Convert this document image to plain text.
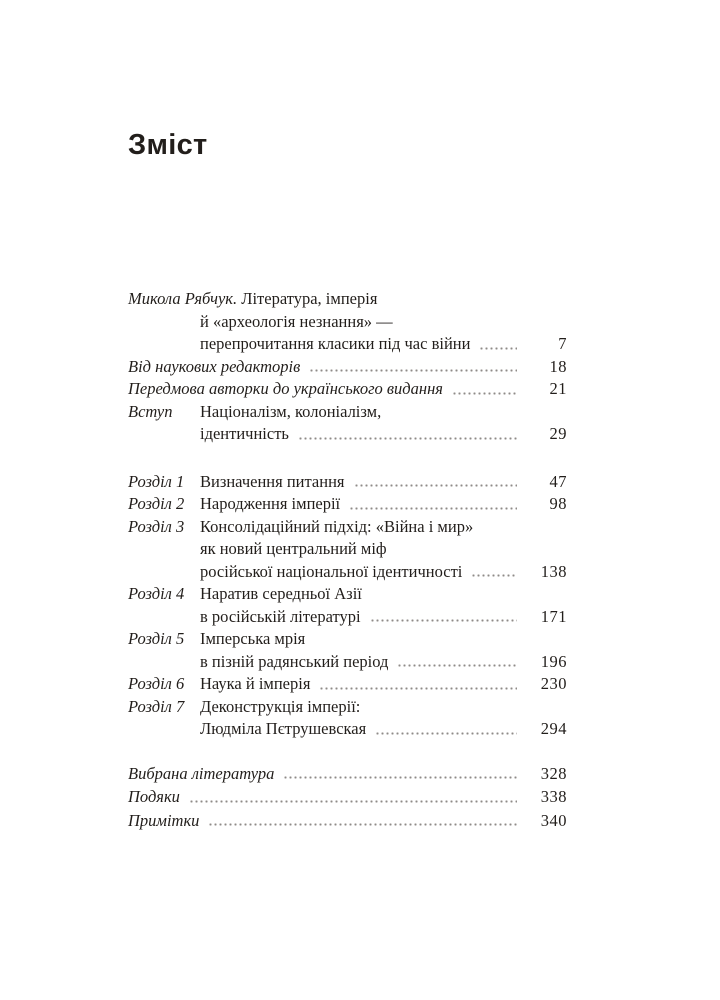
Зміст
Микола Рябчук. Література, імперія
й «археологія незнання» —
перепрочитання класики під час війни	7
Від наукових редакторів	18
Передмова авторки до українського видання	21
Вступ	Націоналізм, колоніалізм,
ідентичність	29
Розділ 1 Визначення питання	47
Розділ 2 Народження імперії	98
Розділ 3 Консолідаційний підхід: «Війна і мир»
як новий центральний міф
російської національної ідентичності	138
Розділ 4 Наратив середньої Азії
в російській літературі	171
Розділ 5 Імперська мрія
в пізній радянський період	196
Розділ 6 Наука й імперія	230
Розділ 7 Деконструкція імперії:
Людміла Пєтрушевская	294
Вибрана література	328
Подяки	338
Примітки	340
